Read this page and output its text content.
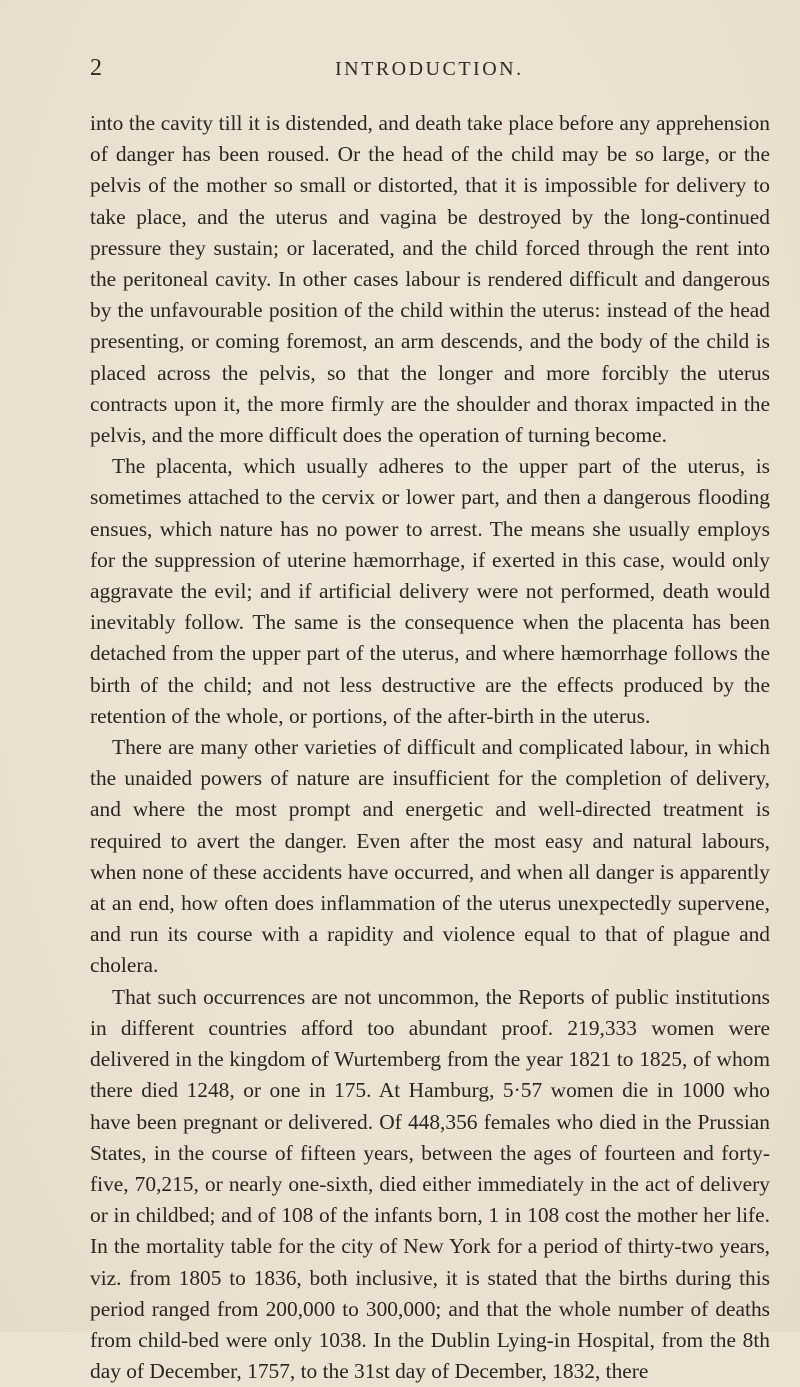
2	INTRODUCTION.

into the cavity till it is distended, and death take place before any apprehension of danger has been roused. Or the head of the child may be so large, or the pelvis of the mother so small or distorted, that it is impossible for delivery to take place, and the uterus and vagina be destroyed by the long-continued pressure they sustain; or lacerated, and the child forced through the rent into the peritoneal cavity. In other cases labour is rendered difficult and dangerous by the unfavourable position of the child within the uterus: instead of the head presenting, or coming foremost, an arm descends, and the body of the child is placed across the pelvis, so that the longer and more forcibly the uterus contracts upon it, the more firmly are the shoulder and thorax impacted in the pelvis, and the more difficult does the operation of turning become.

The placenta, which usually adheres to the upper part of the uterus, is sometimes attached to the cervix or lower part, and then a dangerous flooding ensues, which nature has no power to arrest. The means she usually employs for the suppression of uterine hæmorrhage, if exerted in this case, would only aggravate the evil; and if artificial delivery were not performed, death would inevitably follow. The same is the consequence when the placenta has been detached from the upper part of the uterus, and where hæmorrhage follows the birth of the child; and not less destructive are the effects produced by the retention of the whole, or portions, of the after-birth in the uterus.

There are many other varieties of difficult and complicated labour, in which the unaided powers of nature are insufficient for the completion of delivery, and where the most prompt and energetic and well-directed treatment is required to avert the danger. Even after the most easy and natural labours, when none of these accidents have occurred, and when all danger is apparently at an end, how often does inflammation of the uterus unexpectedly supervene, and run its course with a rapidity and violence equal to that of plague and cholera.

That such occurrences are not uncommon, the Reports of public institutions in different countries afford too abundant proof. 219,333 women were delivered in the kingdom of Wurtemberg from the year 1821 to 1825, of whom there died 1248, or one in 175. At Hamburg, 5·57 women die in 1000 who have been pregnant or delivered. Of 448,356 females who died in the Prussian States, in the course of fifteen years, between the ages of fourteen and forty-five, 70,215, or nearly one-sixth, died either immediately in the act of delivery or in childbed; and of 108 of the infants born, 1 in 108 cost the mother her life. In the mortality table for the city of New York for a period of thirty-two years, viz. from 1805 to 1836, both inclusive, it is stated that the births during this period ranged from 200,000 to 300,000; and that the whole number of deaths from child-bed were only 1038. In the Dublin Lying-in Hospital, from the 8th day of December, 1757, to the 31st day of December, 1832, there
